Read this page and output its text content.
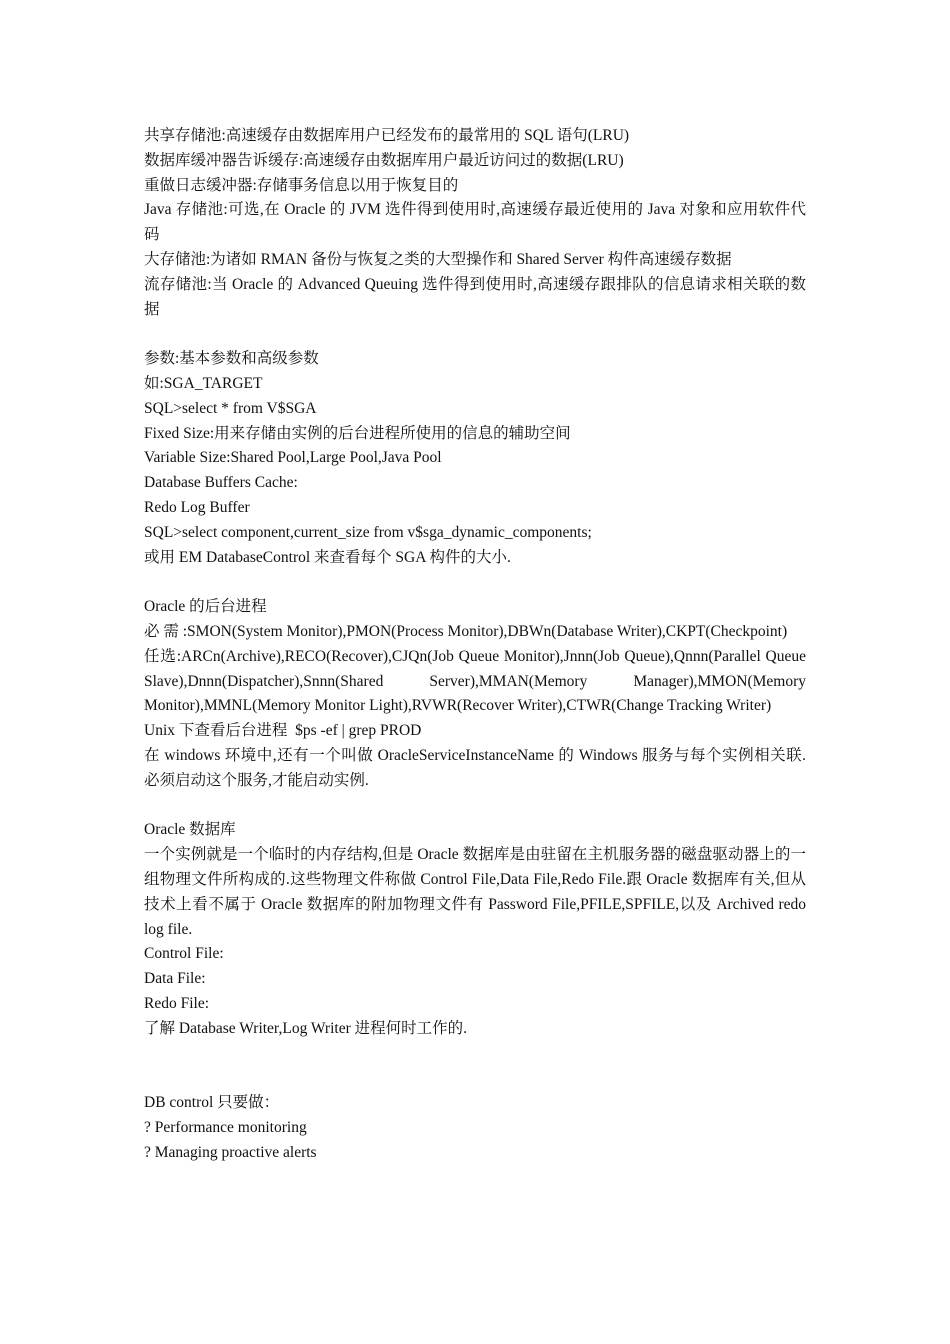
共享存储池:高速缓存由数据库用户已经发布的最常用的 SQL 语句(LRU)

数据库缓冲器告诉缓存:高速缓存由数据库用户最近访问过的数据(LRU)

重做日志缓冲器:存储事务信息以用于恢复目的

Java 存储池:可选,在 Oracle 的 JVM 选件得到使用时,高速缓存最近使用的 Java 对象和应用软件代码

大存储池:为诸如 RMAN 备份与恢复之类的大型操作和 Shared Server 构件高速缓存数据

流存储池:当 Oracle 的 Advanced Queuing 选件得到使用时,高速缓存跟排队的信息请求相关联的数据

参数:基本参数和高级参数

如:SGA_TARGET

SQL>select * from V$SGA

Fixed Size:用来存储由实例的后台进程所使用的信息的辅助空间

Variable Size:Shared Pool,Large Pool,Java Pool

Database Buffers Cache:

Redo Log Buffer

SQL>select component,current_size from v$sga_dynamic_components;

或用 EM DatabaseControl 来查看每个 SGA 构件的大小.

Oracle 的后台进程

必 需 :SMON(System Monitor),PMON(Process Monitor),DBWn(Database Writer),CKPT(Checkpoint)

任选:ARCn(Archive),RECO(Recover),CJQn(Job Queue Monitor),Jnnn(Job Queue),Qnnn(Parallel Queue Slave),Dnnn(Dispatcher),Snnn(Shared Server),MMAN(Memory Manager),MMON(Memory Monitor),MMNL(Memory Monitor Light),RVWR(Recover Writer),CTWR(Change Tracking Writer)

Unix 下查看后台进程  $ps -ef | grep PROD

在 windows 环境中,还有一个叫做 OracleServiceInstanceName 的 Windows 服务与每个实例相关联.必须启动这个服务,才能启动实例.

Oracle 数据库

一个实例就是一个临时的内存结构,但是 Oracle 数据库是由驻留在主机服务器的磁盘驱动器上的一组物理文件所构成的.这些物理文件称做 Control File,Data File,Redo File.跟 Oracle 数据库有关,但从技术上看不属于 Oracle 数据库的附加物理文件有 Password File,PFILE,SPFILE,以及 Archived redo log file.

Control File:

Data File:

Redo File:

了解 Database Writer,Log Writer 进程何时工作的.

DB control 只要做：

? Performance monitoring

? Managing proactive alerts
